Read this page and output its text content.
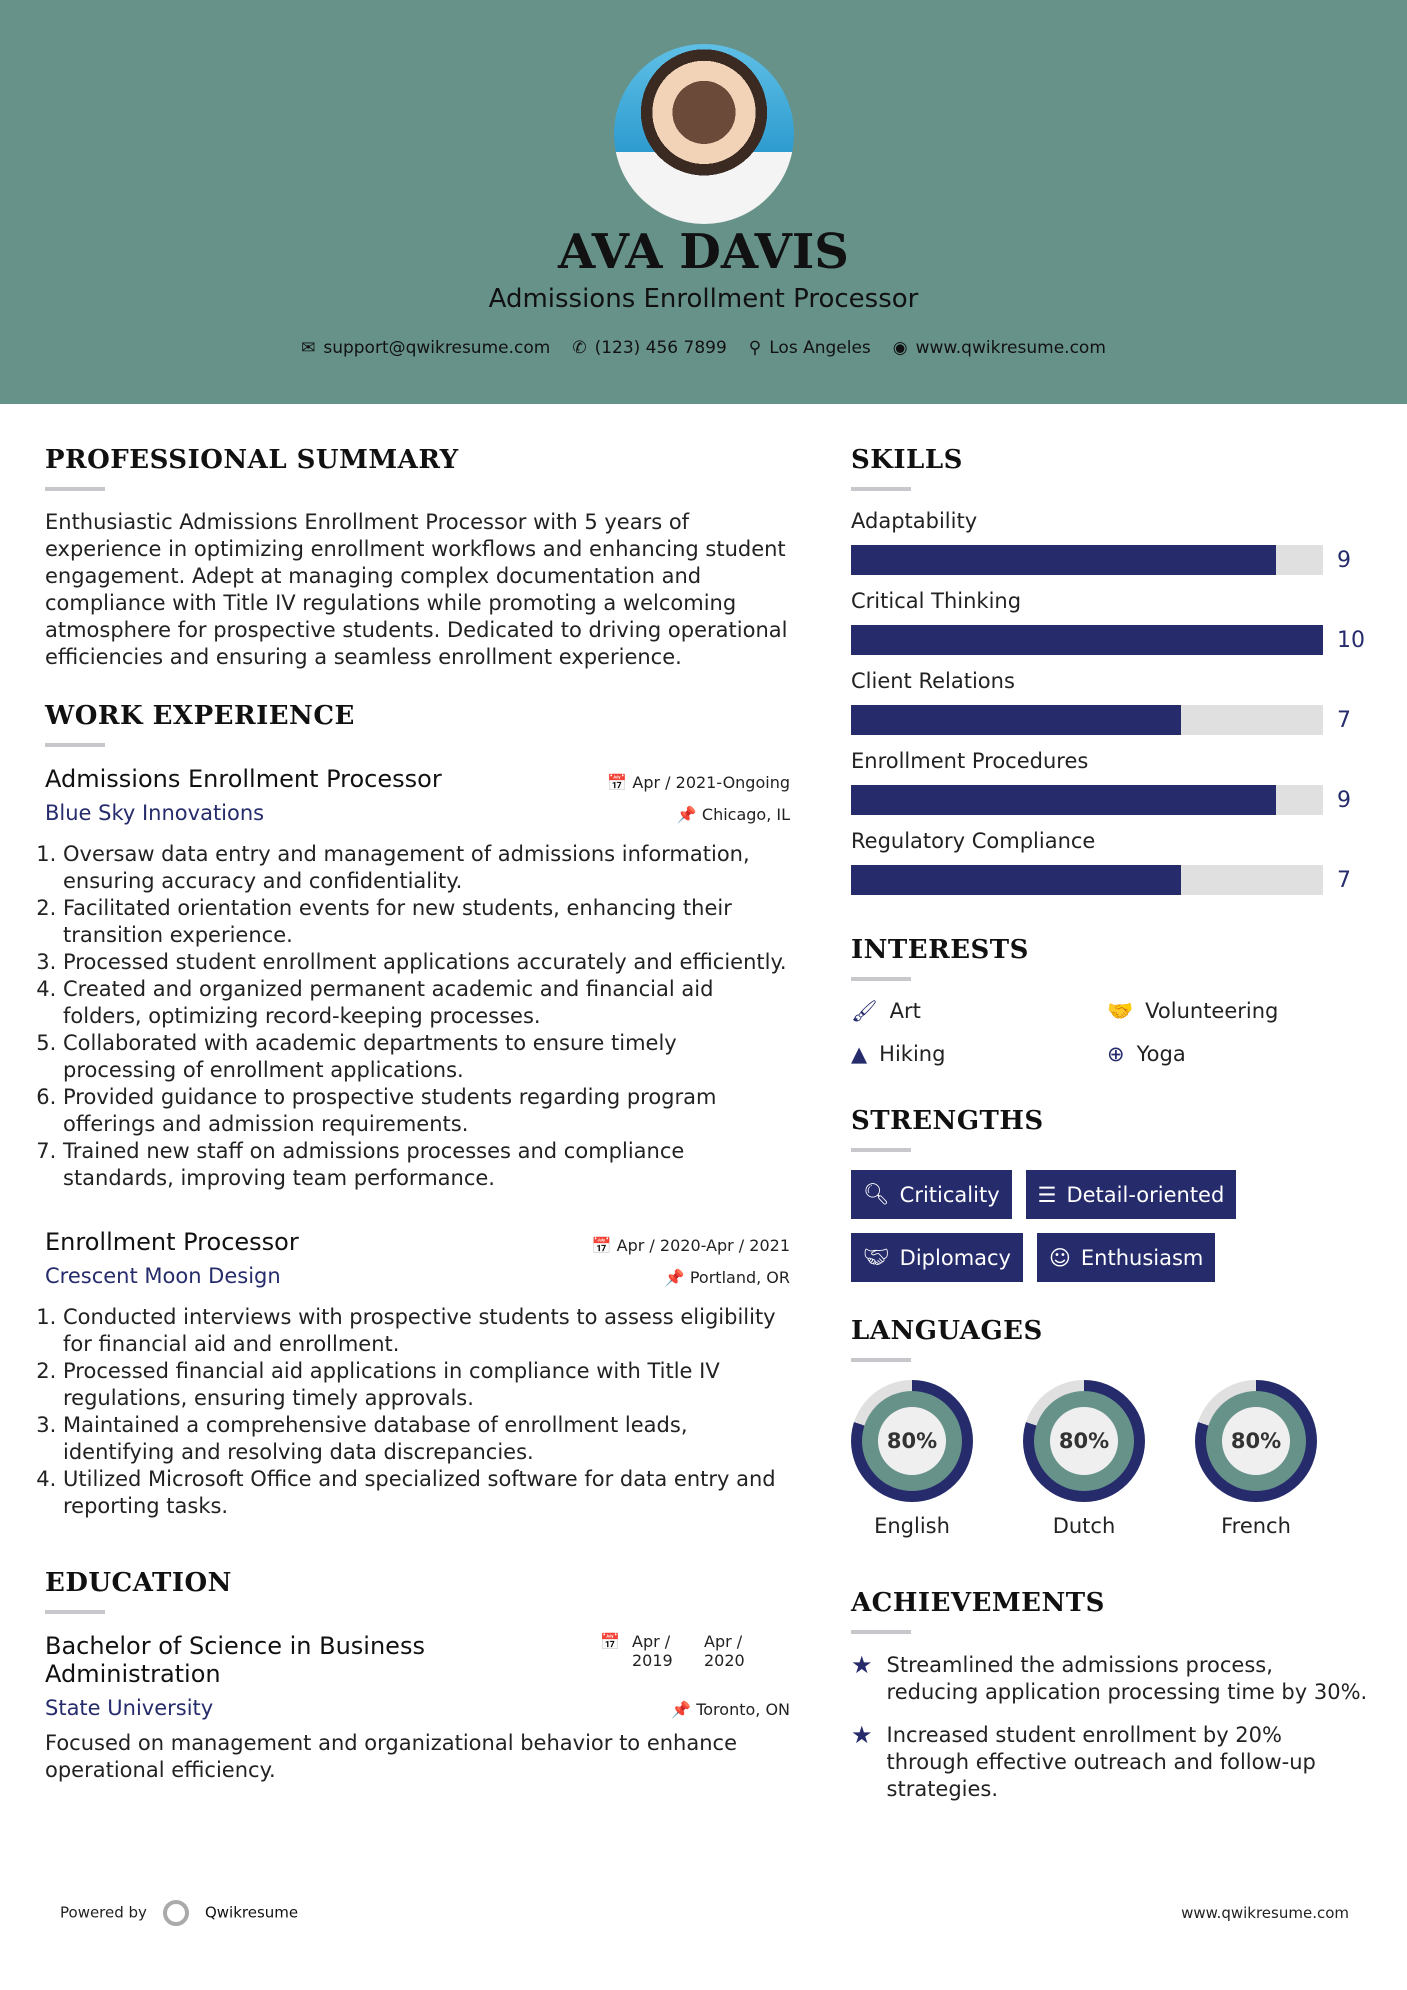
AVA DAVIS
Admissions Enrollment Processor
✉ support@qwikresume.com ✆ (123) 456 7899 ⚲ Los Angeles ◉ www.qwikresume.com
PROFESSIONAL SUMMARY

Enthusiastic Admissions Enrollment Processor with 5 years of experience in optimizing enrollment workflows and enhancing student engagement. Adept at managing complex documentation and compliance with Title IV regulations while promoting a welcoming atmosphere for prospective students. Dedicated to driving operational efficiencies and ensuring a seamless enrollment experience.

WORK EXPERIENCE
Admissions Enrollment Processor	📅 Apr / 2021-Ongoing
Blue Sky Innovations	📌 Chicago, IL
1. Oversaw data entry and management of admissions information, ensuring accuracy and confidentiality.
2. Facilitated orientation events for new students, enhancing their transition experience.
3. Processed student enrollment applications accurately and efficiently.
4. Created and organized permanent academic and financial aid folders, optimizing record-keeping processes.
5. Collaborated with academic departments to ensure timely processing of enrollment applications.
6. Provided guidance to prospective students regarding program offerings and admission requirements.
7. Trained new staff on admissions processes and compliance standards, improving team performance.
Enrollment Processor	📅 Apr / 2020-Apr / 2021
Crescent Moon Design	📌 Portland, OR
1. Conducted interviews with prospective students to assess eligibility for financial aid and enrollment.
2. Processed financial aid applications in compliance with Title IV regulations, ensuring timely approvals.
3. Maintained a comprehensive database of enrollment leads, identifying and resolving data discrepancies.
4. Utilized Microsoft Office and specialized software for data entry and reporting tasks.
EDUCATION
Bachelor of Science in Business Administration
📅 Apr / 2019
Apr / 2020
State University	📌 Toronto, ON

Focused on management and organizational behavior to enhance operational efficiency.

SKILLS
Adaptability
9
Critical Thinking
10
Client Relations
7
Enrollment Procedures
9
Regulatory Compliance
7
INTERESTS
🖌 Art	🤝 Volunteering
▲ Hiking	⊕ Yoga
STRENGTHS
🔍︎ Criticality ☰ Detail-oriented
🤝︎ Diplomacy ☺ Enthusiasm
LANGUAGES
80%
English
80%
Dutch
80%
French
ACHIEVEMENTS
★ Streamlined the admissions process, reducing application processing time by 30%.
★ Increased student enrollment by 20% through effective outreach and follow-up strategies.
Powered by	Qwikresume	www.qwikresume.com
